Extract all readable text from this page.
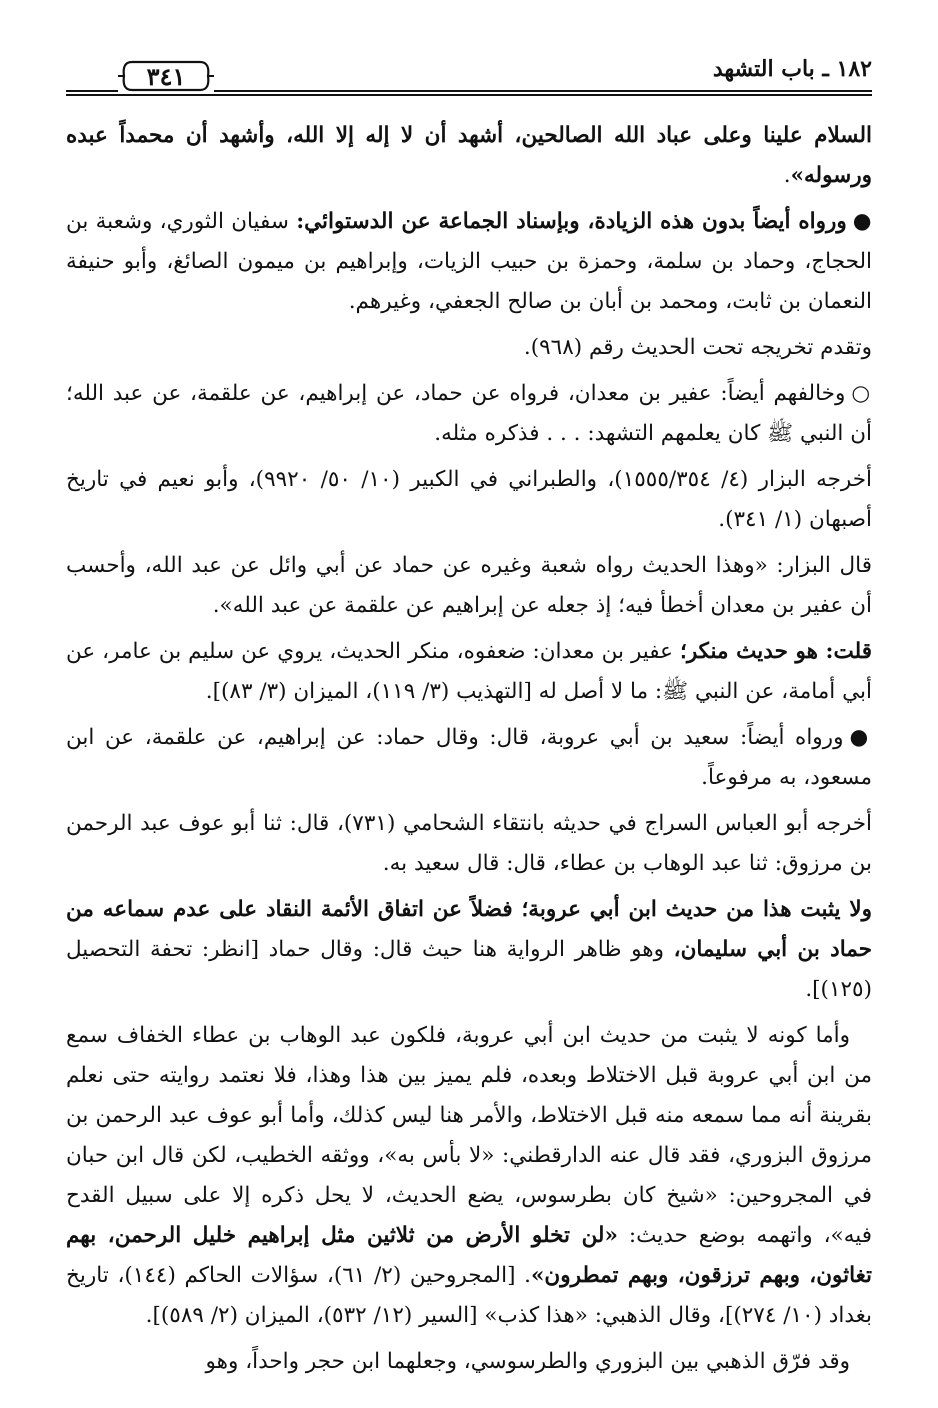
١٨٢ ـ باب التشهد
٣٤١

السلام علينا وعلى عباد الله الصالحين، أشهد أن لا إله إلا الله، وأشهد أن محمداً عبده ورسوله».

●ورواه أيضاً بدون هذه الزيادة، وبإسناد الجماعة عن الدستوائي: سفيان الثوري، وشعبة بن الحجاج، وحماد بن سلمة، وحمزة بن حبيب الزيات، وإبراهيم بن ميمون الصائغ، وأبو حنيفة النعمان بن ثابت، ومحمد بن أبان بن صالح الجعفي، وغيرهم.

وتقدم تخريجه تحت الحديث رقم (٩٦٨).

○وخالفهم أيضاً: عفير بن معدان، فرواه عن حماد، عن إبراهيم، عن علقمة، عن عبد الله؛ أن النبي ﷺ كان يعلمهم التشهد: . . . فذكره مثله.

أخرجه البزار (٤/ ١٥٥٥/٣٥٤)، والطبراني في الكبير (١٠/ ٥٠/ ٩٩٢٠)، وأبو نعيم في تاريخ أصبهان (١/ ٣٤١).

قال البزار: «وهذا الحديث رواه شعبة وغيره عن حماد عن أبي وائل عن عبد الله، وأحسب أن عفير بن معدان أخطأ فيه؛ إذ جعله عن إبراهيم عن علقمة عن عبد الله».

قلت: هو حديث منكر؛ عفير بن معدان: ضعفوه، منكر الحديث، يروي عن سليم بن عامر، عن أبي أمامة، عن النبي ﷺ: ما لا أصل له [التهذيب (٣/ ١١٩)، الميزان (٣/ ٨٣)].

●ورواه أيضاً: سعيد بن أبي عروبة، قال: وقال حماد: عن إبراهيم، عن علقمة، عن ابن مسعود، به مرفوعاً.

أخرجه أبو العباس السراج في حديثه بانتقاء الشحامي (٧٣١)، قال: ثنا أبو عوف عبد الرحمن بن مرزوق: ثنا عبد الوهاب بن عطاء، قال: قال سعيد به.

ولا يثبت هذا من حديث ابن أبي عروبة؛ فضلاً عن اتفاق الأئمة النقاد على عدم سماعه من حماد بن أبي سليمان، وهو ظاهر الرواية هنا حيث قال: وقال حماد [انظر: تحفة التحصيل (١٢٥)].

وأما كونه لا يثبت من حديث ابن أبي عروبة، فلكون عبد الوهاب بن عطاء الخفاف سمع من ابن أبي عروبة قبل الاختلاط وبعده، فلم يميز بين هذا وهذا، فلا نعتمد روايته حتى نعلم بقرينة أنه مما سمعه منه قبل الاختلاط، والأمر هنا ليس كذلك، وأما أبو عوف عبد الرحمن بن مرزوق البزوري، فقد قال عنه الدارقطني: «لا بأس به»، ووثقه الخطيب، لكن قال ابن حبان في المجروحين: «شيخ كان بطرسوس، يضع الحديث، لا يحل ذكره إلا على سبيل القدح فيه»، واتهمه بوضع حديث: «لن تخلو الأرض من ثلاثين مثل إبراهيم خليل الرحمن، بهم تغاثون، وبهم ترزقون، وبهم تمطرون». [المجروحين (٢/ ٦١)، سؤالات الحاكم (١٤٤)، تاريخ بغداد (١٠/ ٢٧٤)]، وقال الذهبي: «هذا كذب» [السير (١٢/ ٥٣٢)، الميزان (٢/ ٥٨٩)].

وقد فرّق الذهبي بين البزوري والطرسوسي، وجعلهما ابن حجر واحداً، وهو
